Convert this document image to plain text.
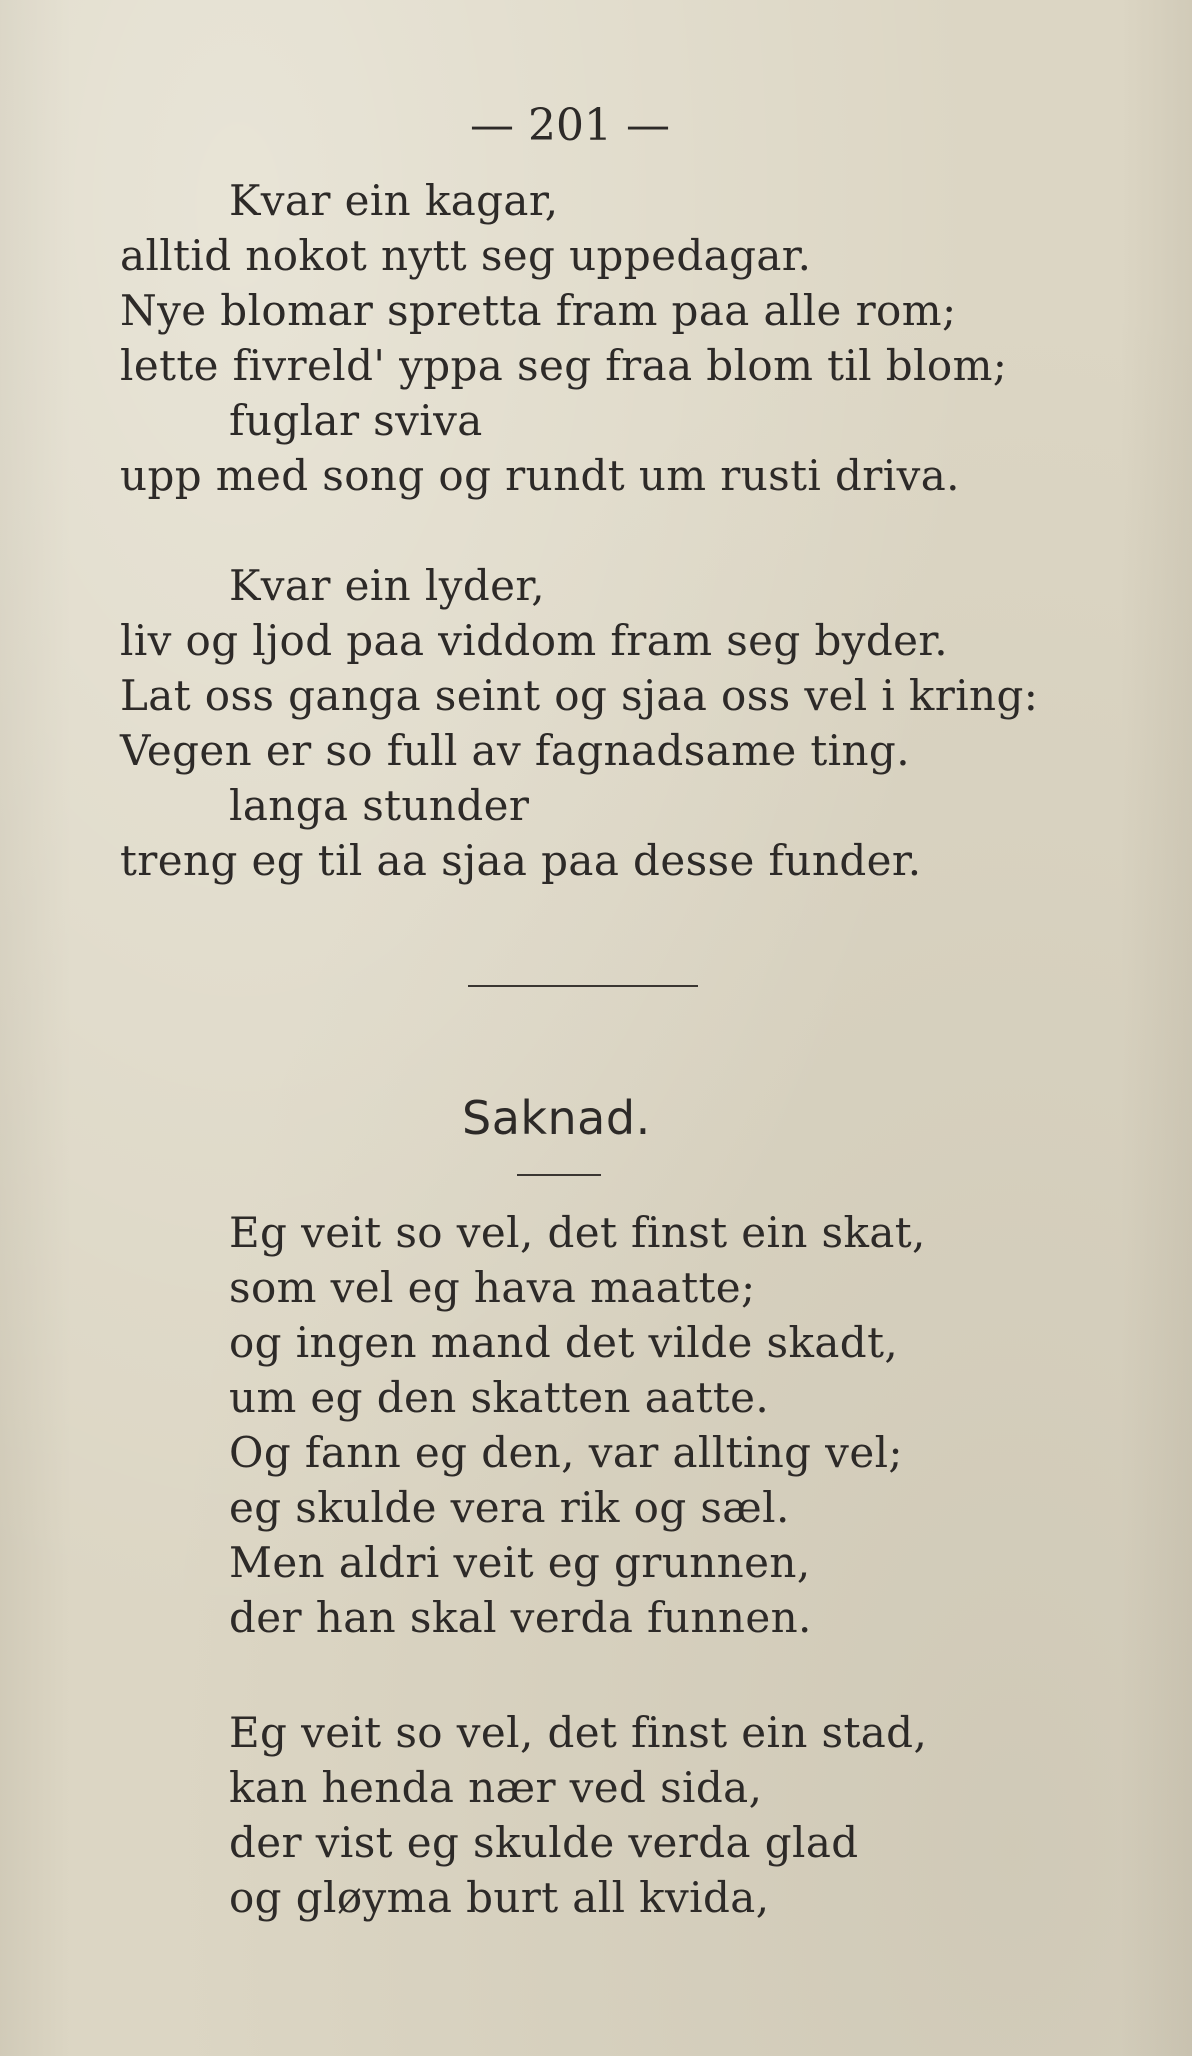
— 201 —
Kvar ein kagar,
alltid nokot nytt seg uppedagar.
Nye blomar spretta fram paa alle rom;
lette fivreld' yppa seg fraa blom til blom;
fuglar sviva
upp med song og rundt um rusti driva.
Kvar ein lyder,
liv og ljod paa viddom fram seg byder.
Lat oss ganga seint og sjaa oss vel i kring:
Vegen er so full av fagnadsame ting.
langa stunder
treng eg til aa sjaa paa desse funder.
Saknad.
Eg veit so vel, det finst ein skat,
som vel eg hava maatte;
og ingen mand det vilde skadt,
um eg den skatten aatte.
Og fann eg den, var allting vel;
eg skulde vera rik og sæl.
Men aldri veit eg grunnen,
der han skal verda funnen.
Eg veit so vel, det finst ein stad,
kan henda nær ved sida,
der vist eg skulde verda glad
og gløyma burt all kvida,
